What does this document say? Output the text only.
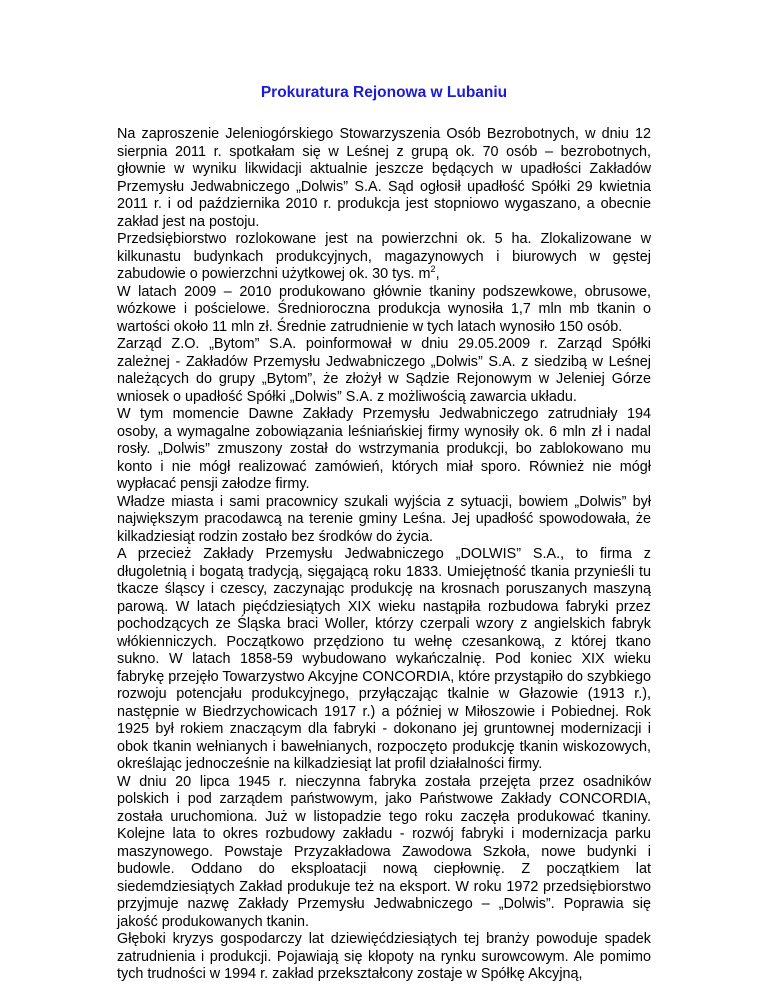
Prokuratura Rejonowa w Lubaniu

Na zaproszenie Jeleniogórskiego Stowarzyszenia Osób Bezrobotnych, w dniu 12 sierpnia 2011 r. spotkałam się w Leśnej z grupą ok. 70 osób – bezrobotnych, głownie w wyniku likwidacji aktualnie jeszcze będących w upadłości Zakładów Przemysłu Jedwabniczego „Dolwis” S.A. Sąd ogłosił upadłość Spółki 29 kwietnia 2011 r. i od października 2010 r. produkcja jest stopniowo wygaszano, a obecnie zakład jest na postoju.

Przedsiębiorstwo rozlokowane jest na powierzchni ok. 5 ha. Zlokalizowane w kilkunastu budynkach produkcyjnych, magazynowych i biurowych w gęstej zabudowie o powierzchni użytkowej ok. 30 tys. $m^2$,

W latach 2009 – 2010 produkowano głównie tkaniny podszewkowe, obrusowe, wózkowe i pościelowe. Średnioroczna produkcja wynosiła 1,7 mln mb tkanin o wartości około 11 mln zł. Średnie zatrudnienie w tych latach wynosiło 150 osób.

Zarząd Z.O. „Bytom” S.A. poinformował w dniu 29.05.2009 r. Zarząd Spółki zależnej - Zakładów Przemysłu Jedwabniczego „Dolwis” S.A. z siedzibą w Leśnej należących do grupy „Bytom”, że złożył w Sądzie Rejonowym w Jeleniej Górze wniosek o upadłość Spółki „Dolwis” S.A. z możliwością zawarcia układu.

W tym momencie Dawne Zakłady Przemysłu Jedwabniczego zatrudniały 194 osoby, a wymagalne zobowiązania leśniańskiej firmy wynosiły ok. 6 mln zł i nadal rosły. „Dolwis” zmuszony został do wstrzymania produkcji, bo zablokowano mu konto i nie mógł realizować zamówień, których miał sporo. Również nie mógł wypłacać pensji załodze firmy.

Władze miasta i sami pracownicy szukali wyjścia z sytuacji, bowiem „Dolwis” był największym pracodawcą na terenie gminy Leśna. Jej upadłość spowodowała, że kilkadziesiąt rodzin zostało bez środków do życia.

A przecież Zakłady Przemysłu Jedwabniczego „DOLWIS” S.A., to firma z długoletnią i bogatą tradycją, sięgającą roku 1833. Umiejętność tkania przynieśli tu tkacze śląscy i czescy, zaczynając produkcję na krosnach poruszanych maszyną parową. W latach pięćdziesiątych XIX wieku nastąpiła rozbudowa fabryki przez pochodzących ze Śląska braci Woller, którzy czerpali wzory z angielskich fabryk włókienniczych. Początkowo przędziono tu wełnę czesankową, z której tkano sukno. W latach 1858-59 wybudowano wykańczalnię. Pod koniec XIX wieku fabrykę przejęło Towarzystwo Akcyjne CONCORDIA, które przystąpiło do szybkiego rozwoju potencjału produkcyjnego, przyłączając tkalnie w Głazowie (1913 r.), następnie w Biedrzychowicach 1917 r.) a później w Miłoszowie i Pobiednej. Rok 1925 był rokiem znaczącym dla fabryki - dokonano jej gruntownej modernizacji i obok tkanin wełnianych i bawełnianych, rozpoczęto produkcję tkanin wiskozowych, określając jednocześnie na kilkadziesiąt lat profil działalności firmy.

W dniu 20 lipca 1945 r. nieczynna fabryka została przejęta przez osadników polskich i pod zarządem państwowym, jako Państwowe Zakłady CONCORDIA, została uruchomiona. Już w listopadzie tego roku zaczęła produkować tkaniny. Kolejne lata to okres rozbudowy zakładu - rozwój fabryki i modernizacja parku maszynowego. Powstaje Przyzakładowa Zawodowa Szkoła, nowe budynki i budowle. Oddano do eksploatacji nową ciepłownię. Z początkiem lat siedemdziesiątych Zakład produkuje też na eksport. W roku 1972 przedsiębiorstwo przyjmuje nazwę Zakłady Przemysłu Jedwabniczego – „Dolwis”. Poprawia się jakość produkowanych tkanin.

Głęboki kryzys gospodarczy lat dziewięćdziesiątych tej branży powoduje spadek zatrudnienia i produkcji. Pojawiają się kłopoty na rynku surowcowym. Ale pomimo tych trudności w 1994 r. zakład przekształcony zostaje w Spółkę Akcyjną,
